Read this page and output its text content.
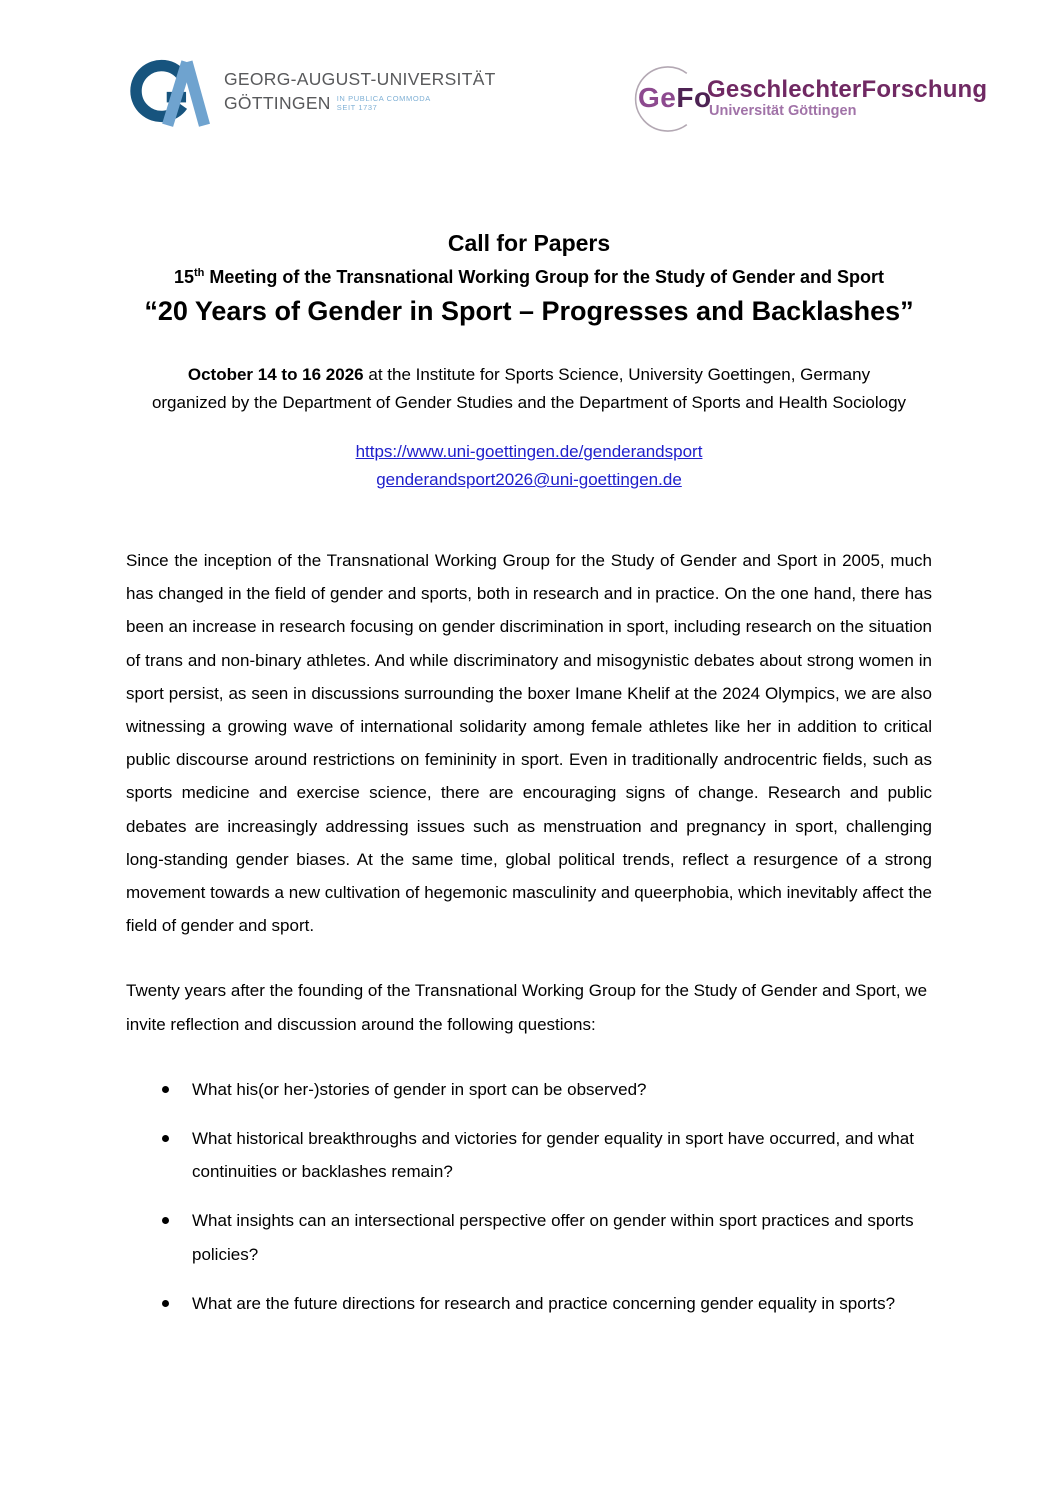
GEORG-AUGUST-UNIVERSITÄT
GÖTTINGEN IN PUBLICA COMMODA
SEIT 1737	GeFo
GeschlechterForschung
Universität Göttingen
Call for Papers
15th Meeting of the Transnational Working Group for the Study of Gender and Sport
“20 Years of Gender in Sport – Progresses and Backlashes”
October 14 to 16 2026 at the Institute for Sports Science, University Goettingen, Germany
organized by the Department of Gender Studies and the Department of Sports and Health Sociology
https://www.uni-goettingen.de/genderandsport
genderandsport2026@uni-goettingen.de
Since the inception of the Transnational Working Group for the Study of Gender and Sport in 2005, much has changed in the field of gender and sports, both in research and in practice. On the one hand, there has been an increase in research focusing on gender discrimination in sport, including research on the situation of trans and non-binary athletes. And while discriminatory and misogynistic debates about strong women in sport persist, as seen in discussions surrounding the boxer Imane Khelif at the 2024 Olympics, we are also witnessing a growing wave of international solidarity among female athletes like her in addition to critical public discourse around restrictions on femininity in sport. Even in traditionally androcentric fields, such as sports medicine and exercise science, there are encouraging signs of change. Research and public debates are increasingly addressing issues such as menstruation and pregnancy in sport, challenging long-standing gender biases. At the same time, global political trends, reflect a resurgence of a strong movement towards a new cultivation of hegemonic masculinity and queerphobia, which inevitably affect the field of gender and sport.
Twenty years after the founding of the Transnational Working Group for the Study of Gender and Sport, we invite reflection and discussion around the following questions:
What his(or her-)stories of gender in sport can be observed?
What historical breakthroughs and victories for gender equality in sport have occurred, and what continuities or backlashes remain?
What insights can an intersectional perspective offer on gender within sport practices and sports policies?
What are the future directions for research and practice concerning gender equality in sports?
